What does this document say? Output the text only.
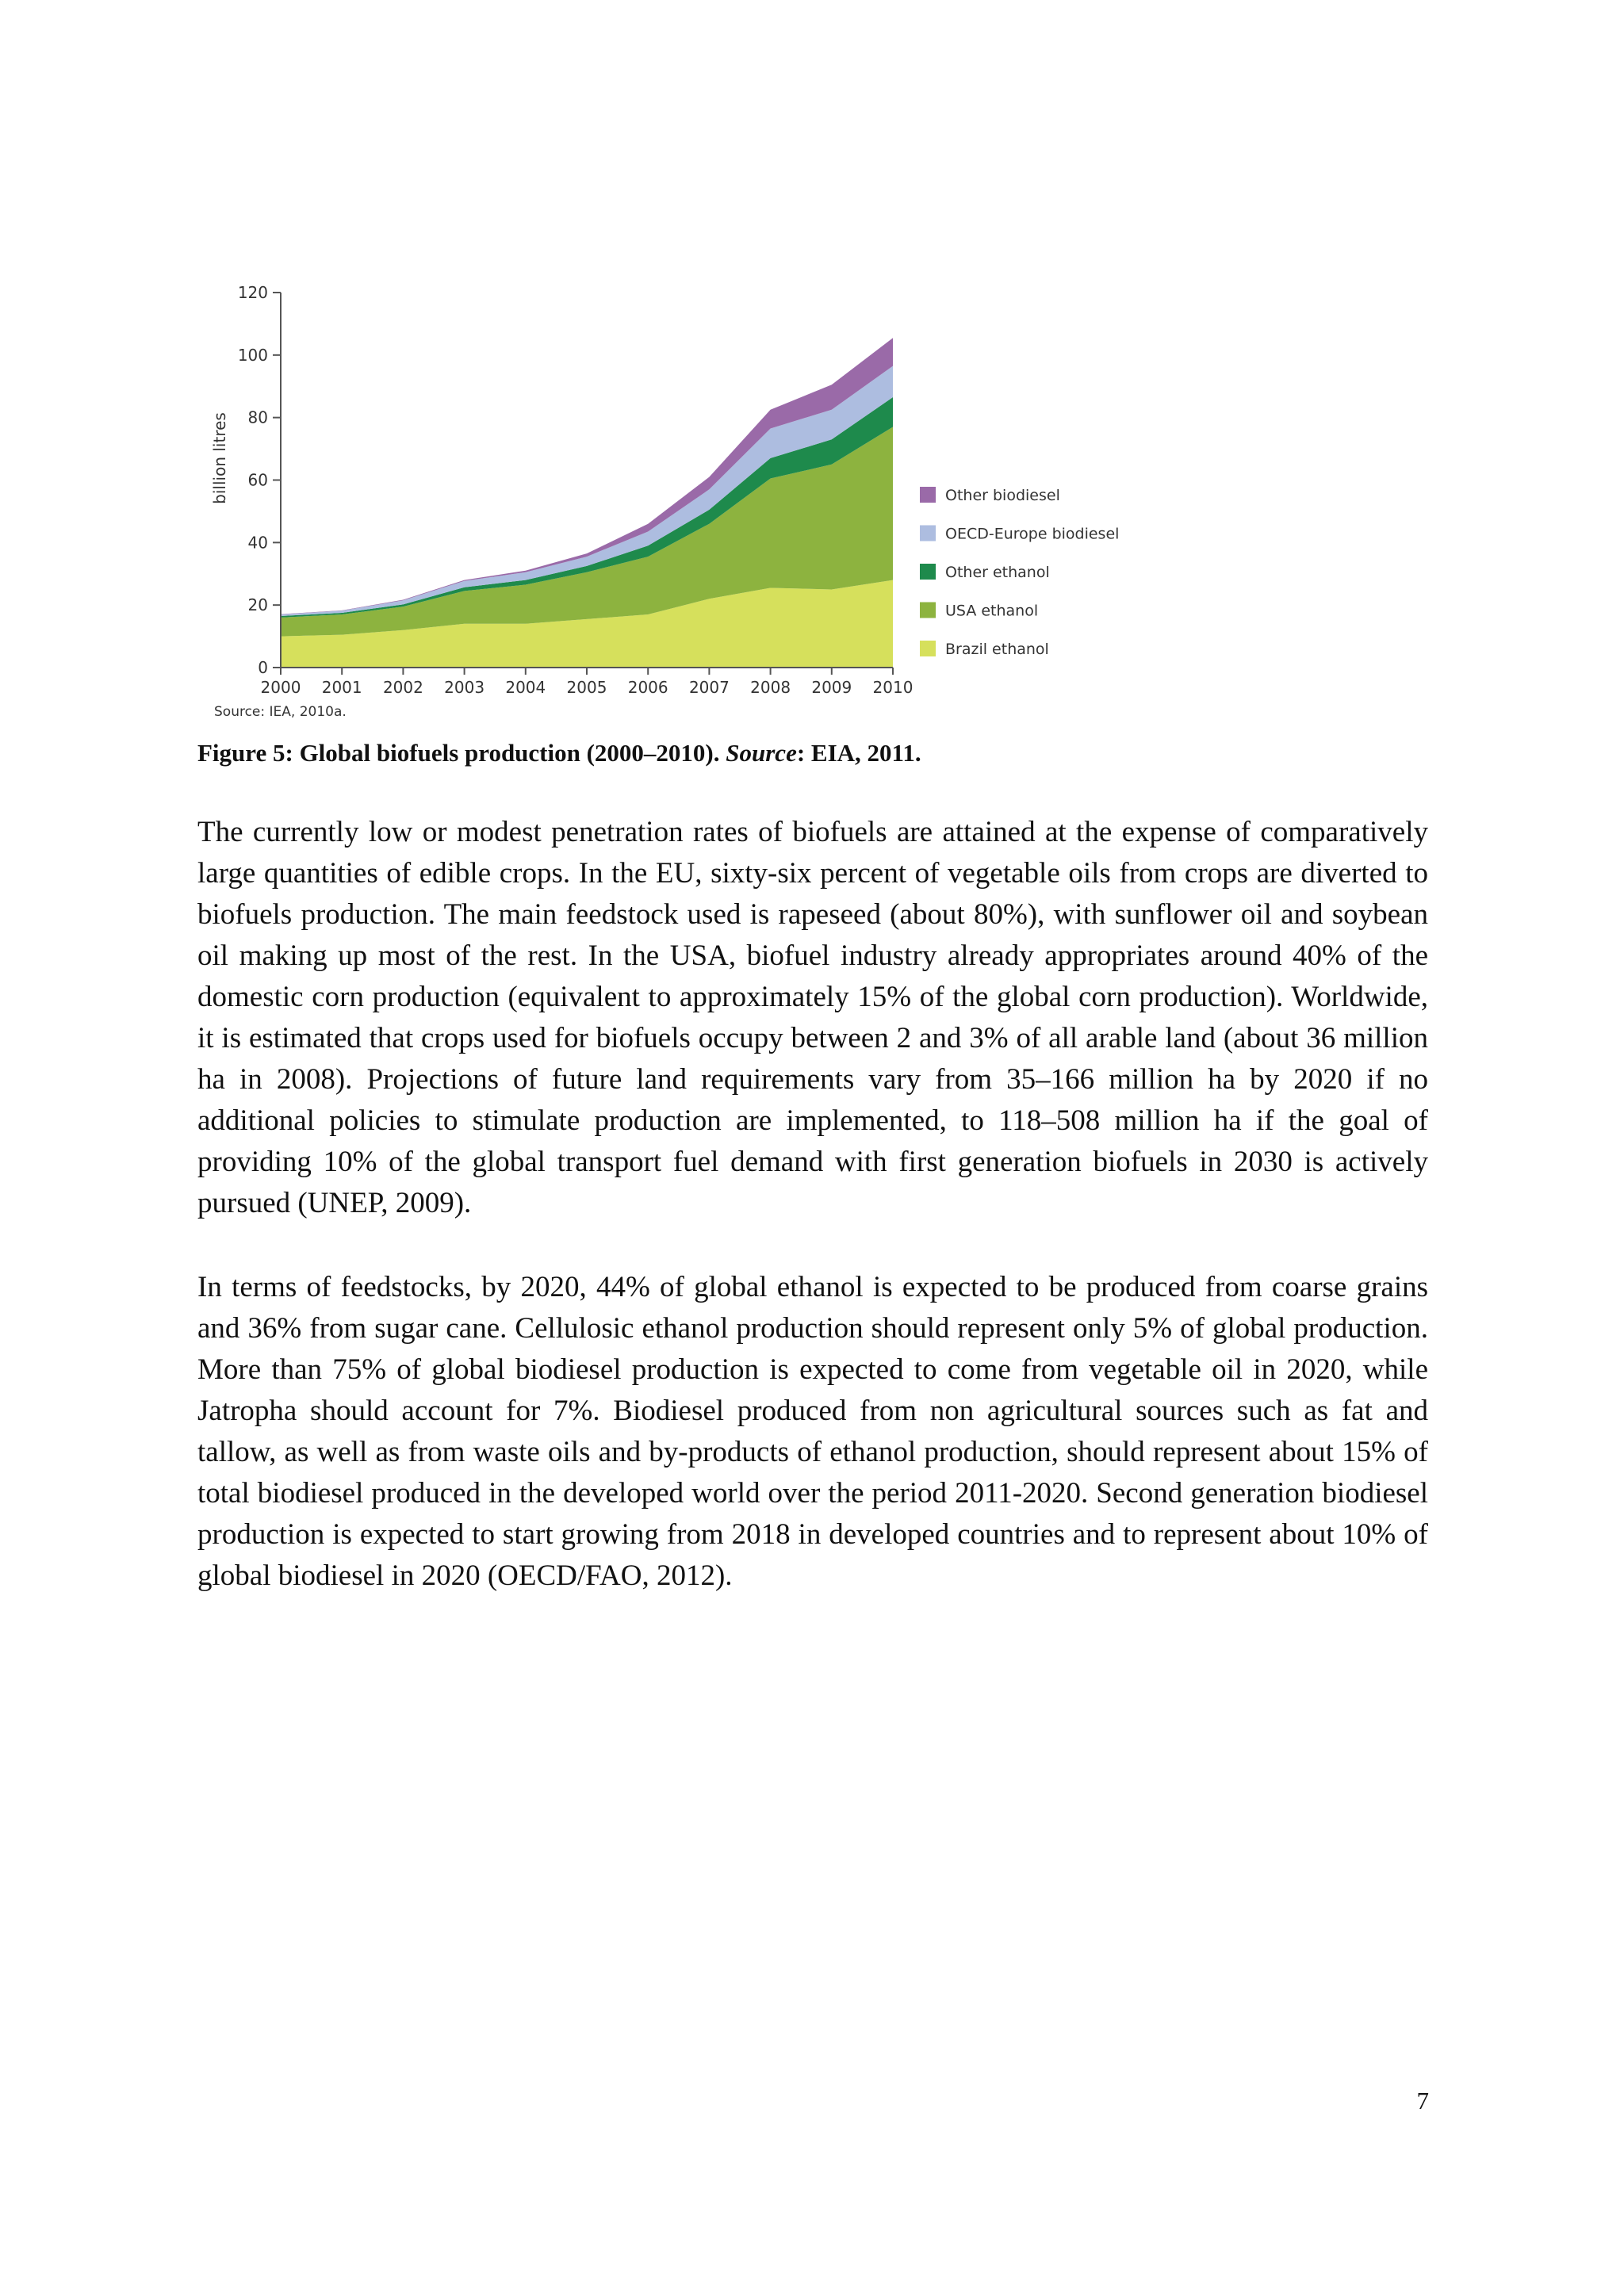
0
20
40
60
80
100
120
2000 2001 2002 2003 2004 2005 2006 2007 2008 2009 2010
Other biodiesel
OECD-Europe biodiesel
Other ethanol
USA ethanol
Brazil ethanol
billion litres
Source: IEA, 2010a.
Figure 5: Global biofuels production (2000–2010). Source: EIA, 2011.

The currently low or modest penetration rates of biofuels are attained at the expense of comparatively large quantities of edible crops. In the EU, sixty-six percent of vegetable oils from crops are diverted to biofuels production. The main feedstock used is rapeseed (about 80%), with sunflower oil and soybean oil making up most of the rest. In the USA, biofuel industry already appropriates around 40% of the domestic corn production (equivalent to approximately 15% of the global corn production). Worldwide, it is estimated that crops used for biofuels occupy between 2 and 3% of all arable land (about 36 million ha in 2008). Projections of future land requirements vary from 35–166 million ha by 2020 if no additional policies to stimulate production are implemented, to 118–508 million ha if the goal of providing 10% of the global transport fuel demand with first generation biofuels in 2030 is actively pursued (UNEP, 2009).

In terms of feedstocks, by 2020, 44% of global ethanol is expected to be produced from coarse grains and 36% from sugar cane. Cellulosic ethanol production should represent only 5% of global production. More than 75% of global biodiesel production is expected to come from vegetable oil in 2020, while Jatropha should account for 7%. Biodiesel produced from non agricultural sources such as fat and tallow, as well as from waste oils and by-products of ethanol production, should represent about 15% of total biodiesel produced in the developed world over the period 2011-2020. Second generation biodiesel production is expected to start growing from 2018 in developed countries and to represent about 10% of global biodiesel in 2020 (OECD/FAO, 2012).

7
